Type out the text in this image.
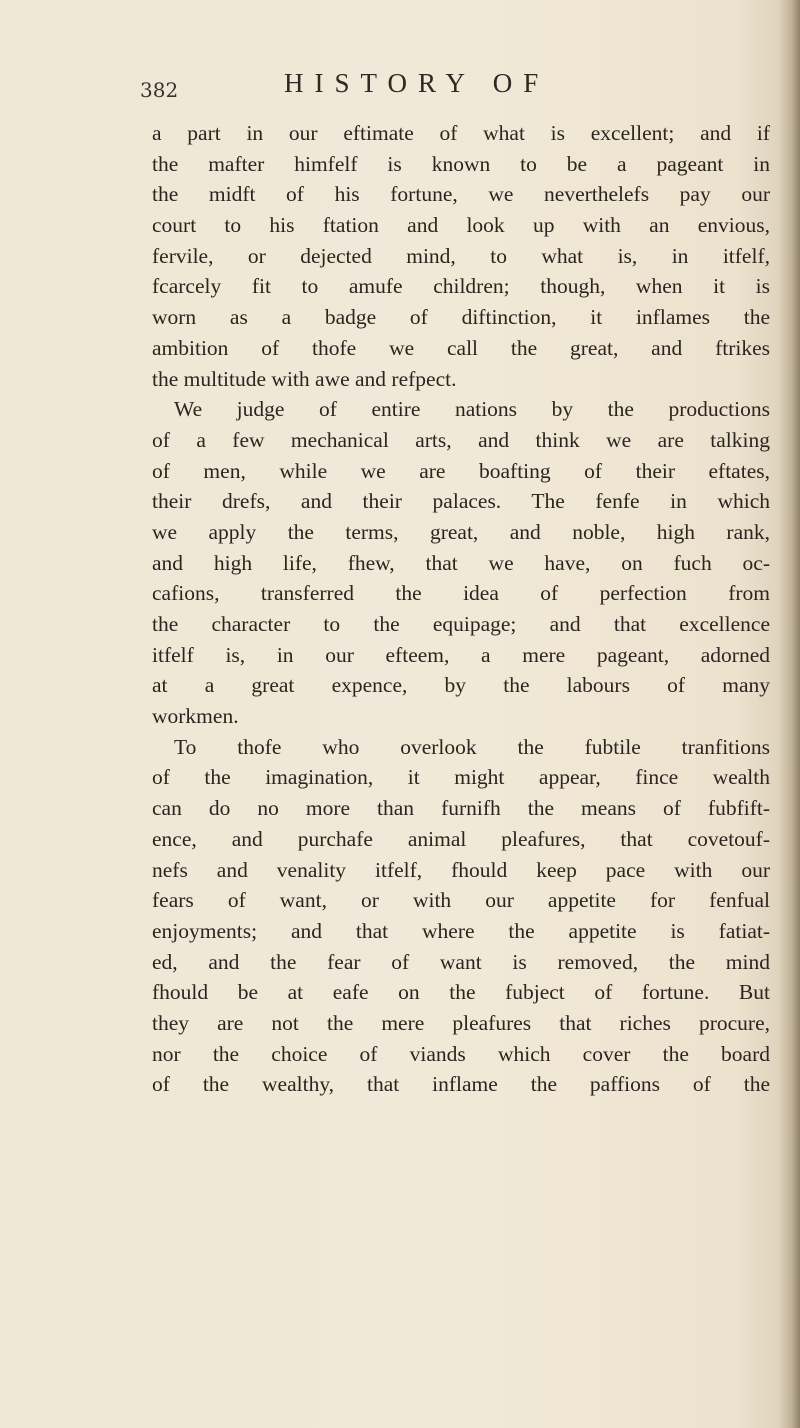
382	HISTORY OF
a part in our eftimate of what is excellent; and if
the mafter himfelf is known to be a pageant in
the midft of his fortune, we neverthelefs pay our
court to his ftation and look up with an envious,
fervile, or dejected mind, to what is, in itfelf,
fcarcely fit to amufe children; though, when it is
worn as a badge of diftinction, it inflames the
ambition of thofe we call the great, and ftrikes
the multitude with awe and refpect.
We judge of entire nations by the productions
of a few mechanical arts, and think we are talking
of men, while we are boafting of their eftates,
their drefs, and their palaces. The fenfe in which
we apply the terms, great, and noble, high rank,
and high life, fhew, that we have, on fuch oc-
cafions, transferred the idea of perfection from
the character to the equipage; and that excellence
itfelf is, in our efteem, a mere pageant, adorned
at a great expence, by the labours of many
workmen.
To thofe who overlook the fubtile tranfitions
of the imagination, it might appear, fince wealth
can do no more than furnifh the means of fubfift-
ence, and purchafe animal pleafures, that covetouf-
nefs and venality itfelf, fhould keep pace with our
fears of want, or with our appetite for fenfual
enjoyments; and that where the appetite is fatiat-
ed, and the fear of want is removed, the mind
fhould be at eafe on the fubject of fortune. But
they are not the mere pleafures that riches procure,
nor the choice of viands which cover the board
of the wealthy, that inflame the paffions of the
